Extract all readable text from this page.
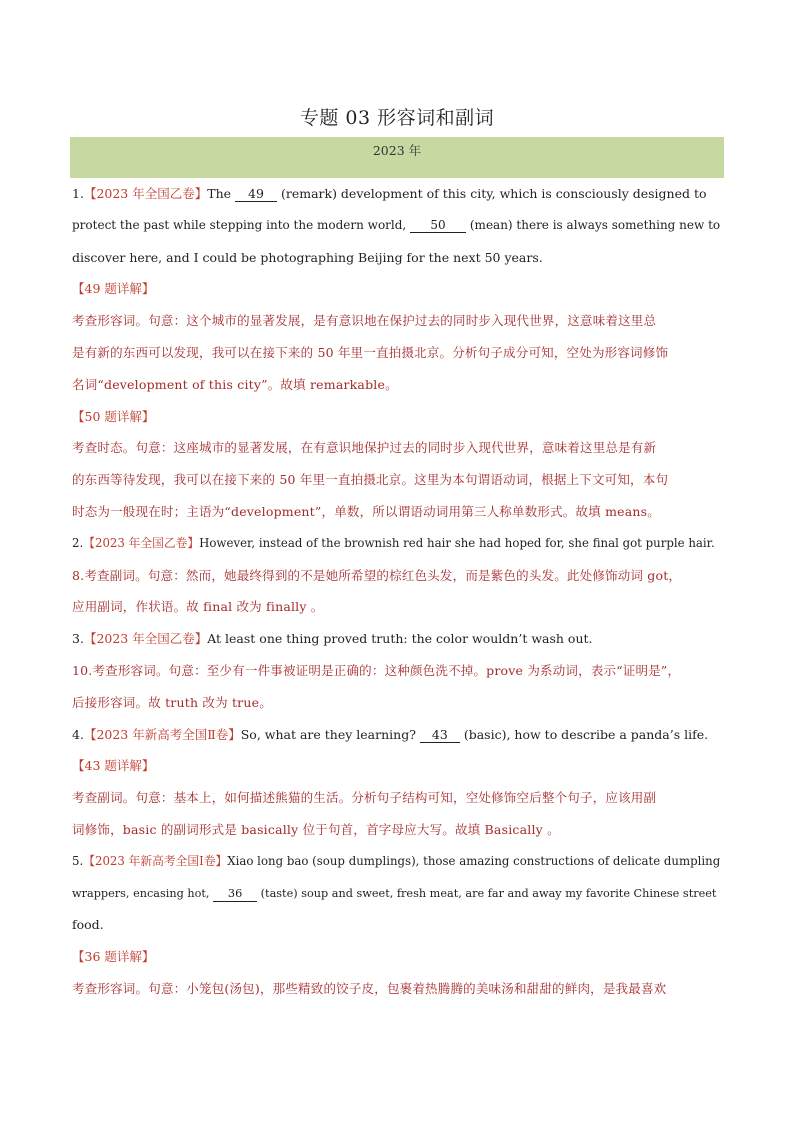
专题 03 形容词和副词
2023 年
1.【2023 年全国乙卷】The 49 (remark) development of this city, which is consciously designed to
protect the past while stepping into the modern world, 50 (mean) there is always something new to
discover here, and I could be photographing Beijing for the next 50 years.
【49 题详解】
考查形容词。句意：这个城市的显著发展，是有意识地在保护过去的同时步入现代世界，这意味着这里总
是有新的东西可以发现，我可以在接下来的 50 年里一直拍摄北京。分析句子成分可知，空处为形容词修饰
名词“development of this city”。故填 remarkable。
【50 题详解】
考查时态。句意：这座城市的显著发展，在有意识地保护过去的同时步入现代世界，意味着这里总是有新
的东西等待发现，我可以在接下来的 50 年里一直拍摄北京。这里为本句谓语动词，根据上下文可知，本句
时态为一般现在时；主语为“development”，单数，所以谓语动词用第三人称单数形式。故填 means。
2.【2023 年全国乙卷】However, instead of the brownish red hair she had hoped for, she final got purple hair.
8.考查副词。句意：然而，她最终得到的不是她所希望的棕红色头发，而是紫色的头发。此处修饰动词 got，
应用副词，作状语。故 final 改为 finally 。
3.【2023 年全国乙卷】At least one thing proved truth: the color wouldn’t wash out.
10.考查形容词。句意：至少有一件事被证明是正确的：这种颜色洗不掉。prove 为系动词，表示“证明是”，
后接形容词。故 truth 改为 true。
4.【2023 年新高考全国Ⅱ卷】So, what are they learning? 43 (basic), how to describe a panda’s life.
【43 题详解】
考查副词。句意：基本上，如何描述熊猫的生活。分析句子结构可知，空处修饰空后整个句子，应该用副
词修饰，basic 的副词形式是 basically 位于句首，首字母应大写。故填 Basically 。
5.【2023 年新高考全国Ⅰ卷】Xiao long bao (soup dumplings), those amazing constructions of delicate dumpling
wrappers, encasing hot, 36 (taste) soup and sweet, fresh meat, are far and away my favorite Chinese street
food.
【36 题详解】
考查形容词。句意：小笼包(汤包)，那些精致的饺子皮，包裹着热腾腾的美味汤和甜甜的鲜肉，是我最喜欢
